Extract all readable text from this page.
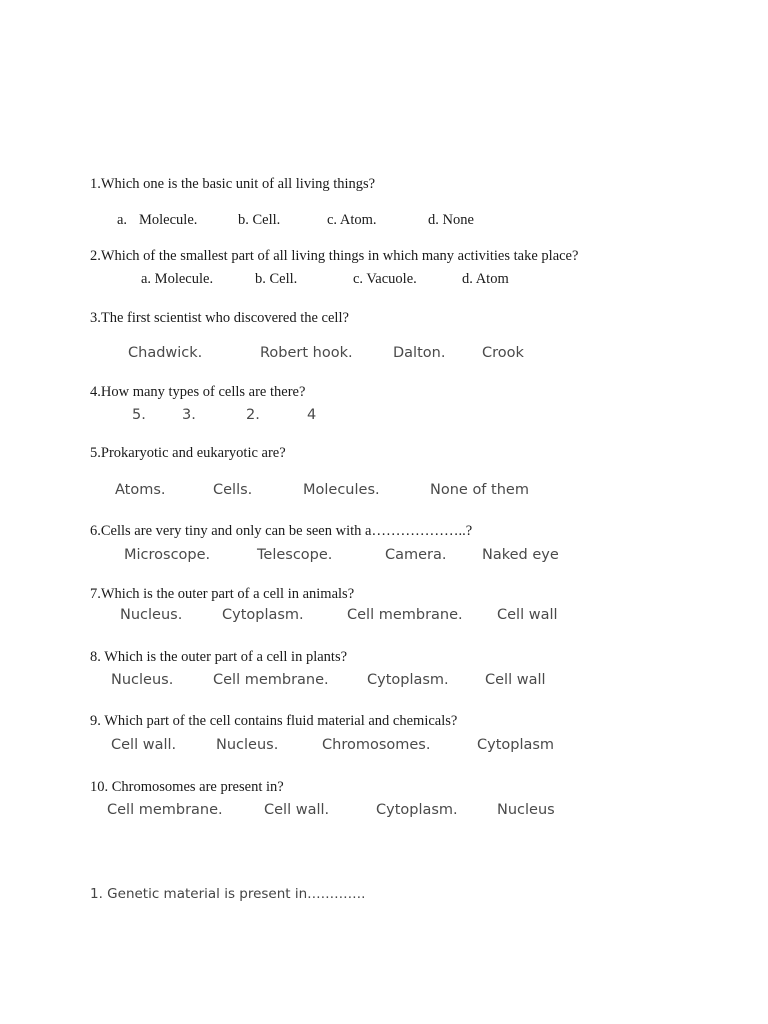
1.Which one is the basic unit of all living things?
a. Molecule.	b. Cell.	c. Atom.	d. None
2.Which of the smallest part of all living things in which many activities take place?
a. Molecule.	b. Cell.	c. Vacuole.	d. Atom
3.The first scientist who discovered the cell?
Chadwick.	Robert hook.	Dalton.	Crook
4.How many types of cells are there?
5. 3.	2.	4
5.Prokaryotic and eukaryotic are?
Atoms.	Cells.	Molecules.	None of them
6.Cells are very tiny and only can be seen with a………………..?
Microscope.	Telescope.	Camera. Naked eye
7.Which is the outer part of a cell in animals?
Nucleus.	Cytoplasm.	Cell membrane. Cell wall
8. Which is the outer part of a cell in plants?
Nucleus.	Cell membrane.	Cytoplasm.	Cell wall
9. Which part of the cell contains fluid material and chemicals?
Cell wall.	Nucleus.	Chromosomes.	Cytoplasm
10. Chromosomes are present in?
Cell membrane.	Cell wall.	Cytoplasm.	Nucleus
1. Genetic material is present in………….
